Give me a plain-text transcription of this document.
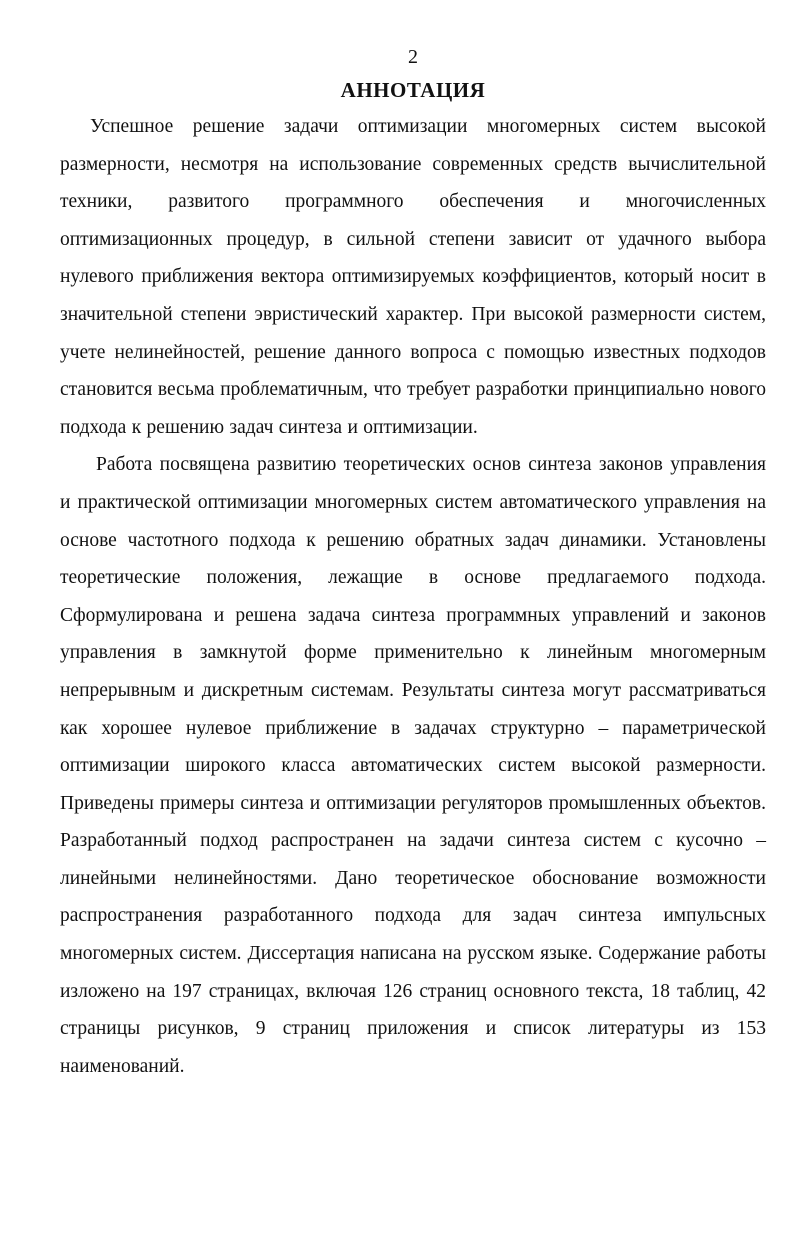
2

АННОТАЦИЯ

Успешное решение задачи оптимизации многомерных систем высокой размерности, несмотря на использование современных средств вычислительной техники, развитого программного обеспечения и многочисленных оптимизационных процедур, в сильной степени зависит от удачного выбора нулевого приближения вектора оптимизируемых коэффициентов, который носит в значительной степени эвристический характер. При высокой размерности систем, учете нелинейностей, решение данного вопроса с помощью известных подходов становится весьма проблематичным, что требует разработки принципиально нового подхода к решению задач синтеза и оптимизации.

Работа посвящена развитию теоретических основ синтеза законов управления и практической оптимизации многомерных систем автоматического управления на основе частотного подхода к решению обратных задач динамики. Установлены теоретические положения, лежащие в основе предлагаемого подхода. Сформулирована и решена задача синтеза программных управлений и законов управления в замкнутой форме применительно к линейным многомерным непрерывным и дискретным системам. Результаты синтеза могут рассматриваться как хорошее нулевое приближение в задачах структурно – параметрической оптимизации широкого класса автоматических систем высокой размерности. Приведены примеры синтеза и оптимизации регуляторов промышленных объектов. Разработанный подход распространен на задачи синтеза систем с кусочно – линейными нелинейностями. Дано теоретическое обоснование возможности распространения разработанного подхода для задач синтеза импульсных многомерных систем. Диссертация написана на русском языке. Содержание работы изложено на 197 страницах, включая 126 страниц основного текста, 18 таблиц, 42 страницы рисунков, 9 страниц приложения и список литературы из 153 наименований.
